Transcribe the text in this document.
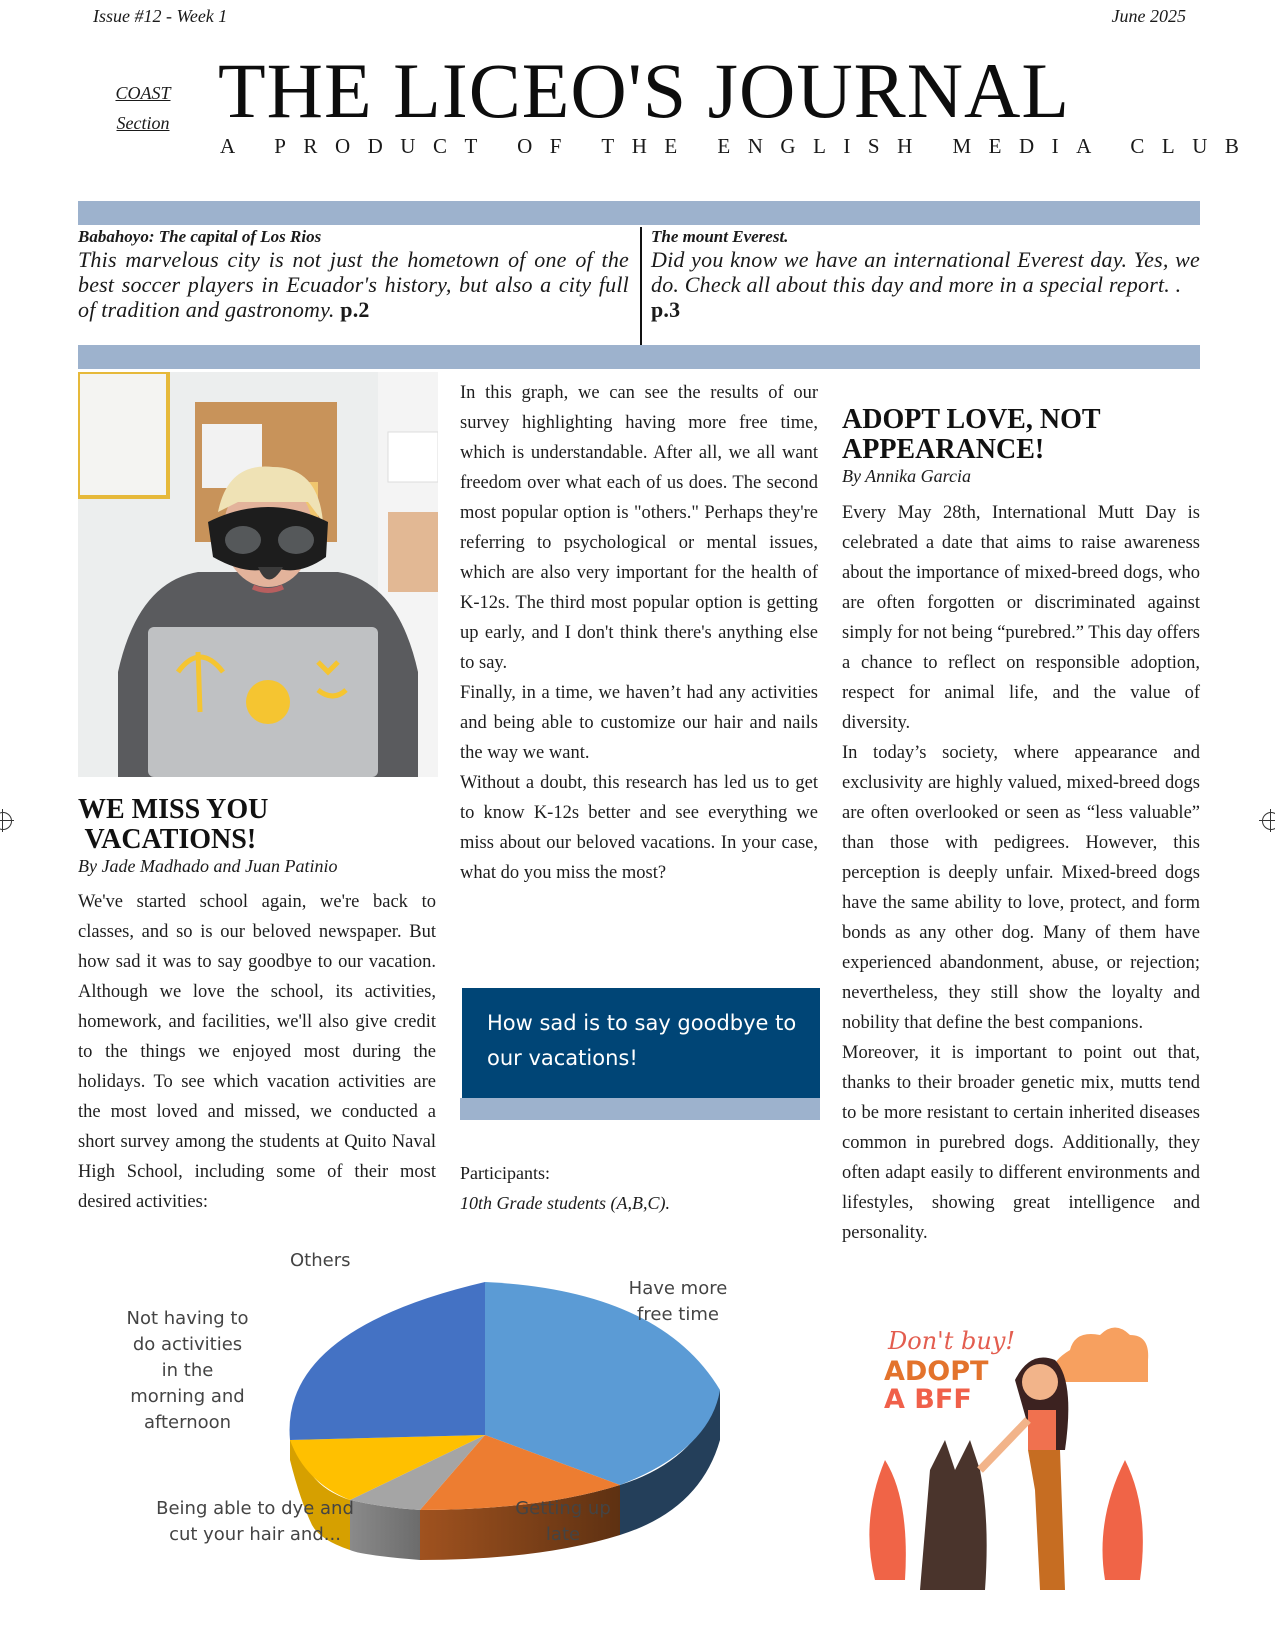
Issue #12 - Week 1	June 2025
COAST
Section THE LICEO'S JOURNAL
A PRODUCT OF THE ENGLISH MEDIA CLUB
Babahoyo: The capital of Los Rios
This marvelous city is not just the hometown of one of the best soccer players in Ecuador's history, but also a city full of tradition and gastronomy. p.2
The mount Everest.
Did you know we have an international Everest day. Yes, we do. Check all about this day and more in a special report. .
p.3
WE MISS YOU
VACATIONS!
By Jade Madhado and Juan Patinio
We've started school again, we're back to classes, and so is our beloved newspaper. But how sad it was to say goodbye to our vacation. Although we love the school, its activities, homework, and facilities, we'll also give credit to the things we enjoyed most during the holidays. To see which vacation activities are the most loved and missed, we conducted a short survey among the students at Quito Naval High School, including some of their most desired activities:
In this graph, we can see the results of our survey highlighting having more free time, which is understandable. After all, we all want freedom over what each of us does. The second most popular option is "others." Perhaps they're referring to psychological or mental issues, which are also very important for the health of K-12s. The third most popular option is getting up early, and I don't think there's anything else to say.
Finally, in a time, we haven’t had any activities and being able to customize our hair and nails the way we want.
Without a doubt, this research has led us to get to know K-12s better and see everything we miss about our beloved vacations. In your case, what do you miss the most?
How sad is to say goodbye to our vacations!
Participants:
10th Grade students (A,B,C).
ADOPT LOVE, NOT
APPEARANCE!
By Annika Garcia
Every May 28th, International Mutt Day is celebrated a date that aims to raise awareness about the importance of mixed-breed dogs, who are often forgotten or discriminated against simply for not being “purebred.” This day offers a chance to reflect on responsible adoption, respect for animal life, and the value of diversity.
In today’s society, where appearance and exclusivity are highly valued, mixed-breed dogs are often overlooked or seen as “less valuable” than those with pedigrees. However, this perception is deeply unfair. Mixed-breed dogs have the same ability to love, protect, and form bonds as any other dog. Many of them have experienced abandonment, abuse, or rejection; nevertheless, they still show the loyalty and nobility that define the best companions.
Moreover, it is important to point out that, thanks to their broader genetic mix, mutts tend to be more resistant to certain inherited diseases common in purebred dogs. Additionally, they often adapt easily to different environments and lifestyles, showing great intelligence and personality.
Others
Have more
free time
Not having to
do activities
in the
morning and
afternoon
Being able to dye and
cut your hair and...
Getting up
late
Don't buy!
ADOPT
A BFF
